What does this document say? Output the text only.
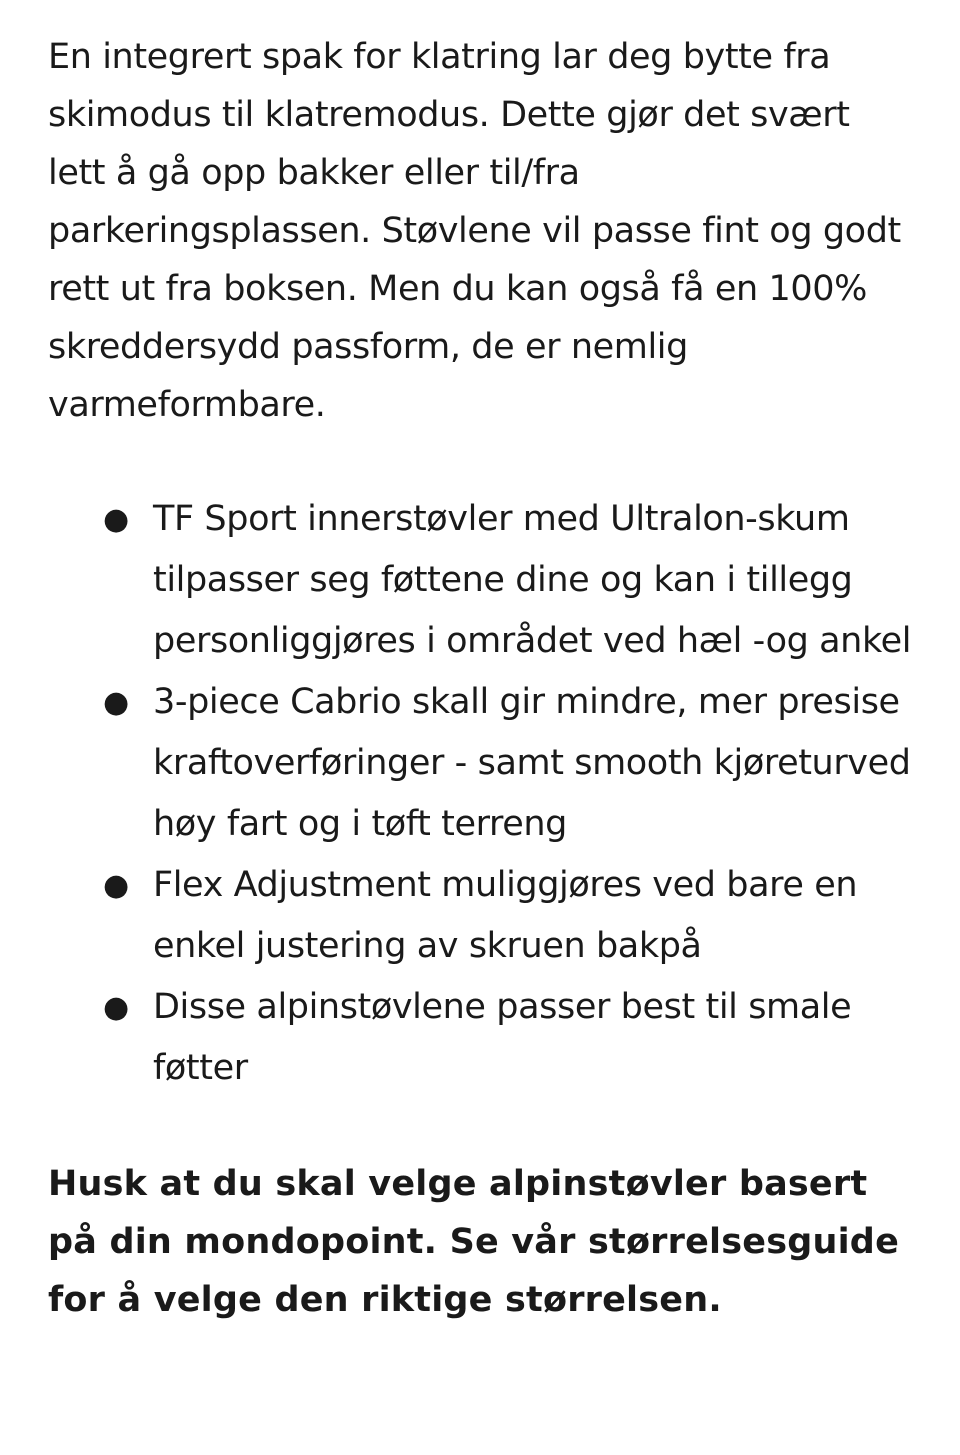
En integrert spak for klatring lar deg bytte fra skimodus til klatremodus. Dette gjør det svært lett å gå opp bakker eller til/fra parkeringsplassen. Støvlene vil passe fint og godt rett ut fra boksen. Men du kan også få en 100% skreddersydd passform, de er nemlig varmeformbare.

● TF Sport innerstøvler med Ultralon-skum tilpasser seg føttene dine og kan i tillegg personliggjøres i området ved hæl -og ankel
● 3-piece Cabrio skall gir mindre, mer presise kraftoverføringer - samt smooth kjøreturved høy fart og i tøft terreng
● Flex Adjustment muliggjøres ved bare en enkel justering av skruen bakpå
● Disse alpinstøvlene passer best til smale føtter

Husk at du skal velge alpinstøvler basert på din mondopoint. Se vår størrelsesguide for å velge den riktige størrelsen.
